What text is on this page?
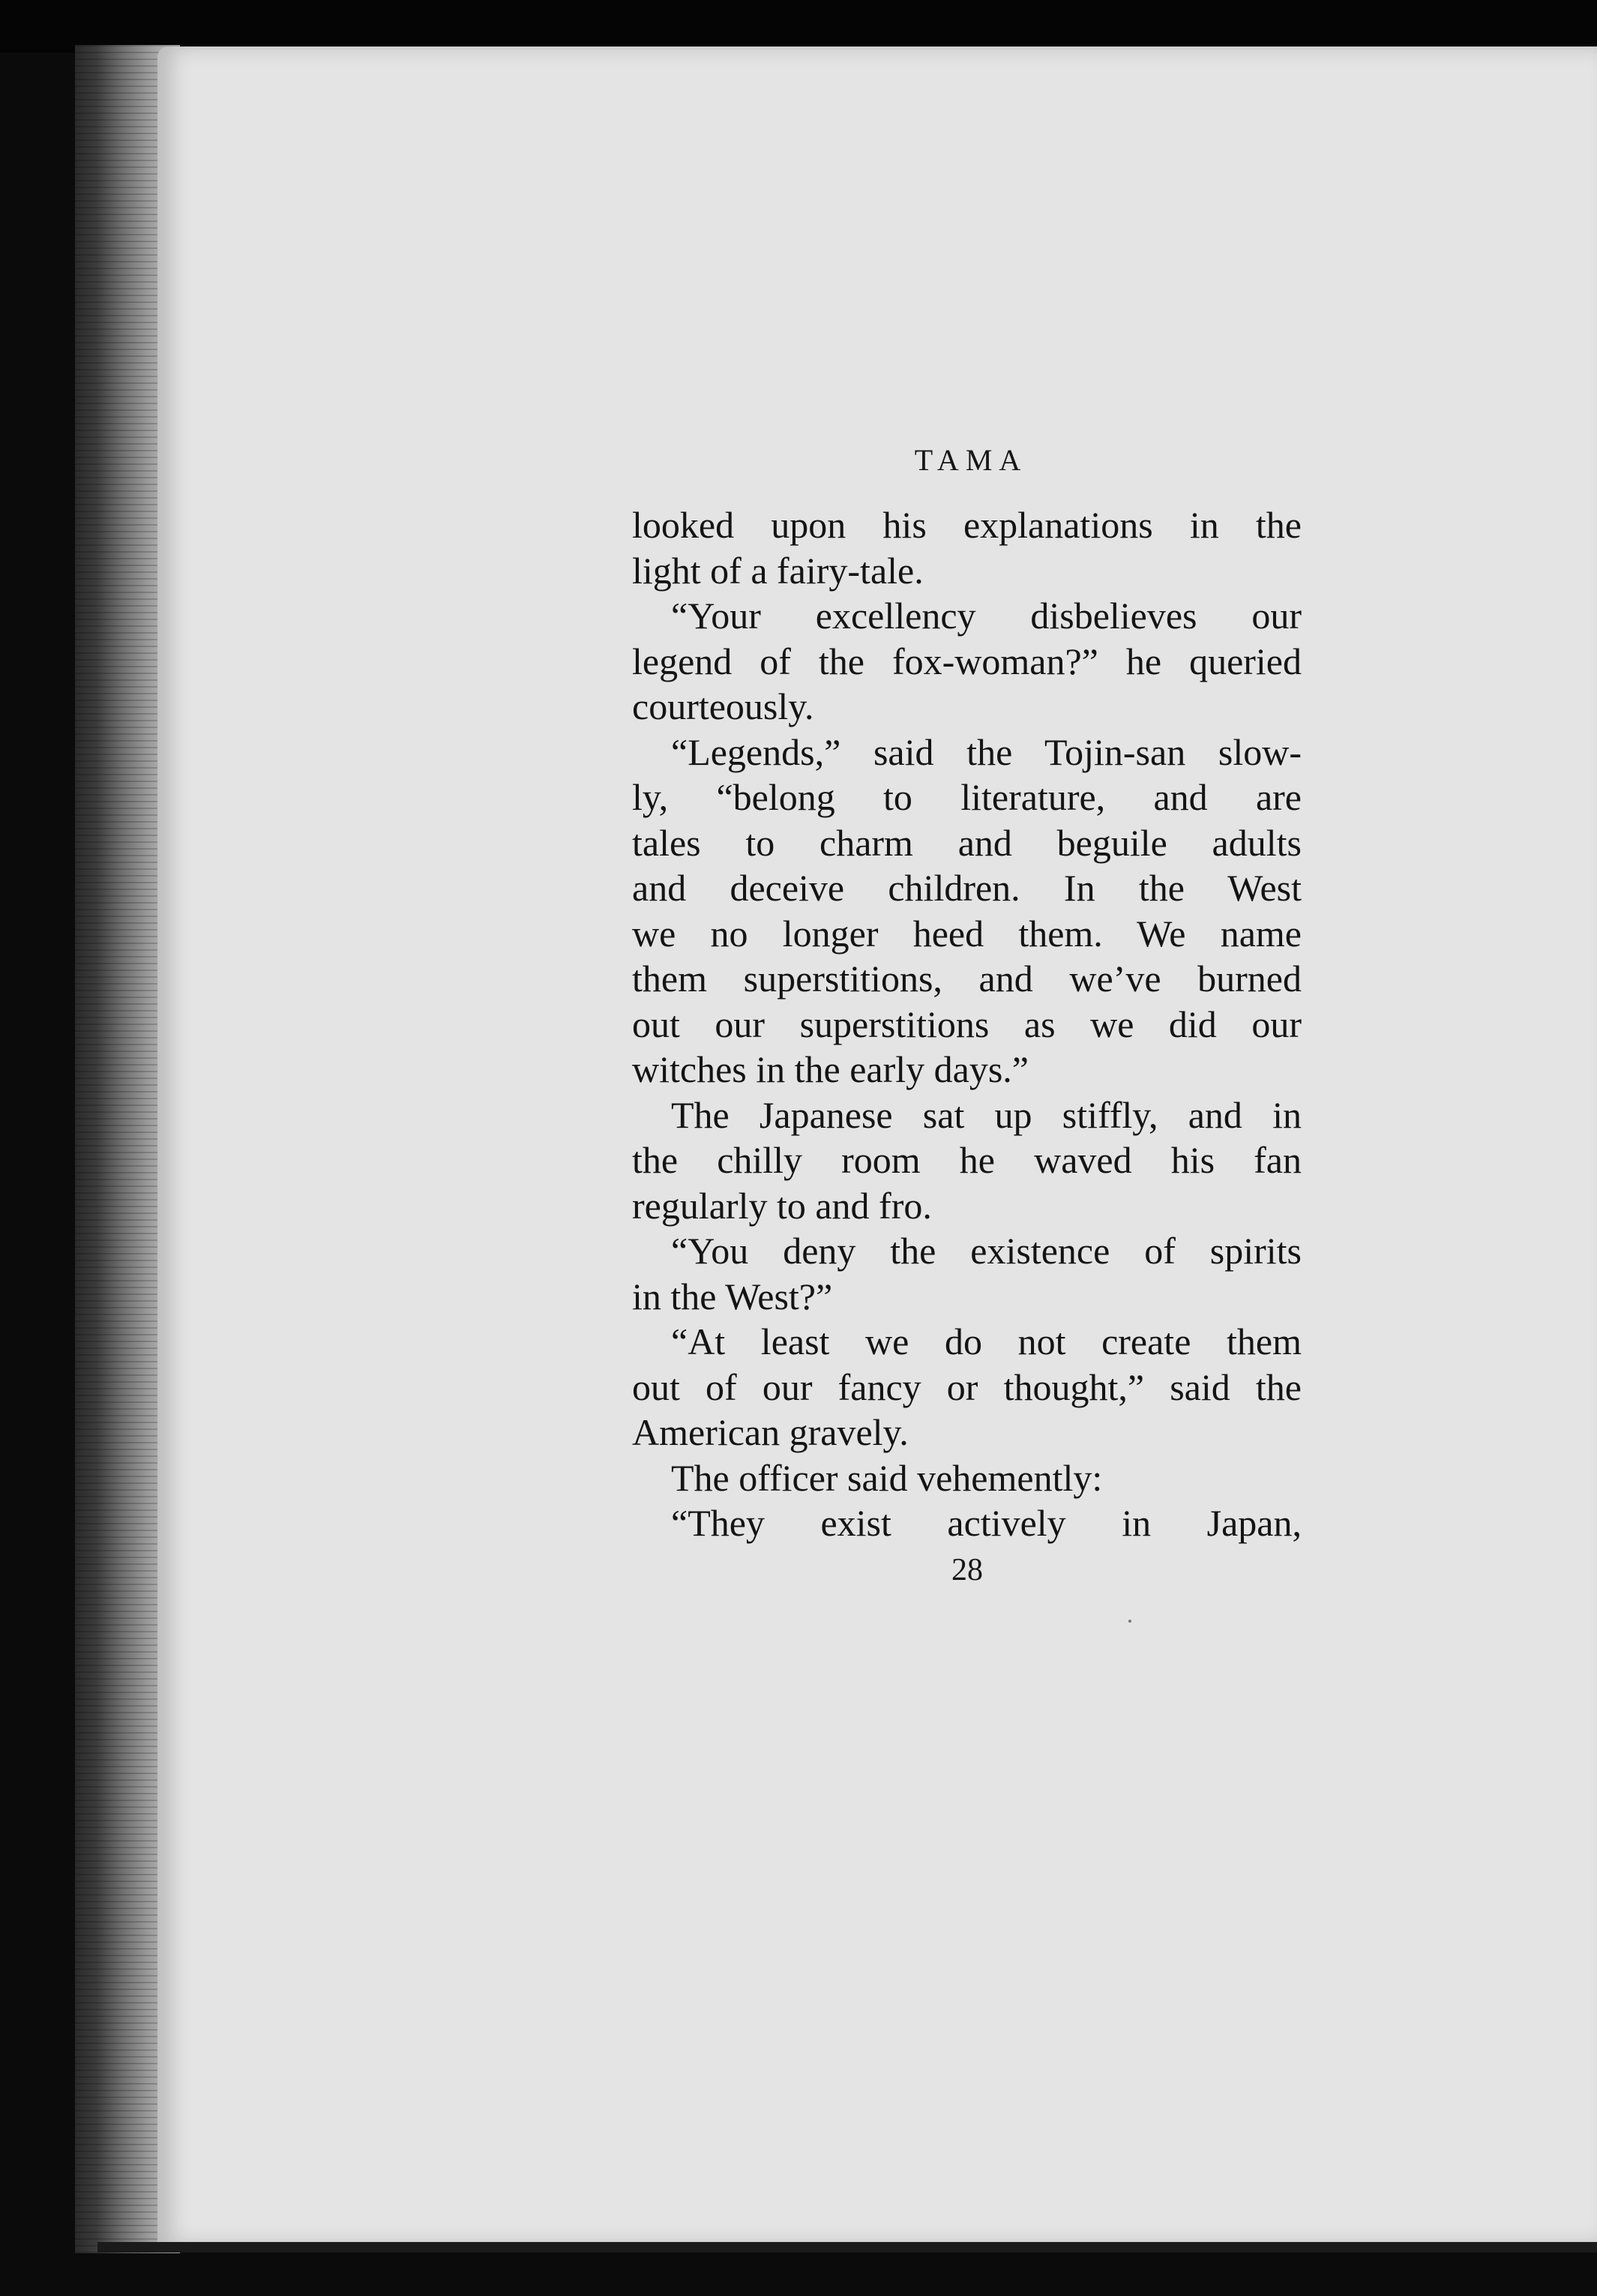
TAMA
looked upon his explanations in the
light of a fairy-tale.
“Your excellency disbelieves our
legend of the fox-woman?” he queried
courteously.
“Legends,” said the Tojin-san slow-
ly, “belong to literature, and are
tales to charm and beguile adults
and deceive children. In the West
we no longer heed them. We name
them superstitions, and we’ve burned
out our superstitions as we did our
witches in the early days.”
The Japanese sat up stiffly, and in
the chilly room he waved his fan
regularly to and fro.
“You deny the existence of spirits
in the West?”
“At least we do not create them
out of our fancy or thought,” said the
American gravely.
The officer said vehemently:
“They exist actively in Japan,
28
